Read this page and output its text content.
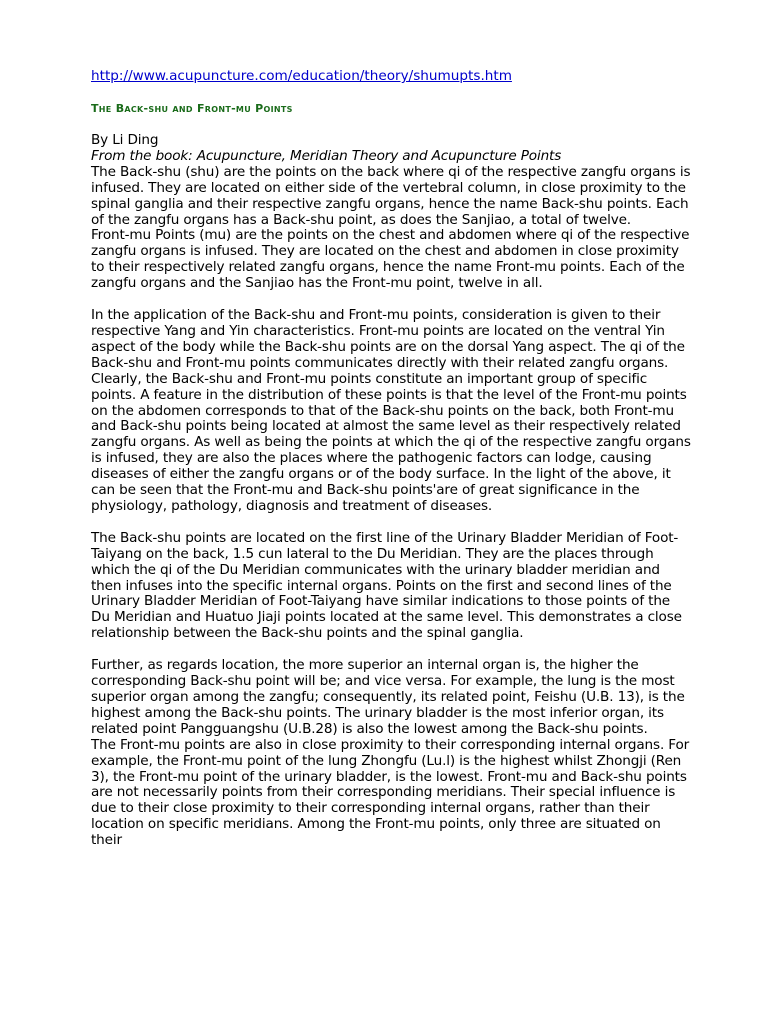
http://www.acupuncture.com/education/theory/shumupts.htm
The Back-shu and Front-mu Points

By Li Ding

From the book: Acupuncture, Meridian Theory and Acupuncture Points

The Back-shu (shu) are the points on the back where qi of the respective zangfu organs is infused. They are located on either side of the vertebral column, in close proximity to the spinal ganglia and their respective zangfu organs, hence the name Back-shu points. Each of the zangfu organs has a Back-shu point, as does the Sanjiao, a total of twelve.

Front-mu Points (mu) are the points on the chest and abdomen where qi of the respective zangfu organs is infused. They are located on the chest and abdomen in close proximity to their respectively related zangfu organs, hence the name Front-mu points. Each of the zangfu organs and the Sanjiao has the Front-mu point, twelve in all.

In the application of the Back-shu and Front-mu points, consideration is given to their respective Yang and Yin characteristics. Front-mu points are located on the ventral Yin aspect of the body while the Back-shu points are on the dorsal Yang aspect. The qi of the Back-shu and Front-mu points communicates directly with their related zangfu organs. Clearly, the Back-shu and Front-mu points constitute an important group of specific points. A feature in the distribution of these points is that the level of the Front-mu points on the abdomen corresponds to that of the Back-shu points on the back, both Front-mu and Back-shu points being located at almost the same level as their respectively related zangfu organs. As well as being the points at which the qi of the respective zangfu organs is infused, they are also the places where the pathogenic factors can lodge, causing diseases of either the zangfu organs or of the body surface. In the light of the above, it can be seen that the Front-mu and Back-shu points'are of great significance in the physiology, pathology, diagnosis and treatment of diseases.

The Back-shu points are located on the first line of the Urinary Bladder Meridian of Foot-Taiyang on the back, 1.5 cun lateral to the Du Meridian. They are the places through which the qi of the Du Meridian communicates with the urinary bladder meridian and then infuses into the specific internal organs. Points on the first and second lines of the Urinary Bladder Meridian of Foot-Taiyang have similar indications to those points of the Du Meridian and Huatuo Jiaji points located at the same level. This demonstrates a close relationship between the Back-shu points and the spinal ganglia.

Further, as regards location, the more superior an internal organ is, the higher the corresponding Back-shu point will be; and vice versa. For example, the lung is the most superior organ among the zangfu; consequently, its related point, Feishu (U.B. 13), is the highest among the Back-shu points. The urinary bladder is the most inferior organ, its related point Pangguangshu (U.B.28) is also the lowest among the Back-shu points.

The Front-mu points are also in close proximity to their corresponding internal organs. For example, the Front-mu point of the lung Zhongfu (Lu.l) is the highest whilst Zhongji (Ren 3), the Front-mu point of the urinary bladder, is the lowest. Front-mu and Back-shu points are not necessarily points from their corresponding meridians. Their special influence is due to their close proximity to their corresponding internal organs, rather than their location on specific meridians. Among the Front-mu points, only three are situated on their
